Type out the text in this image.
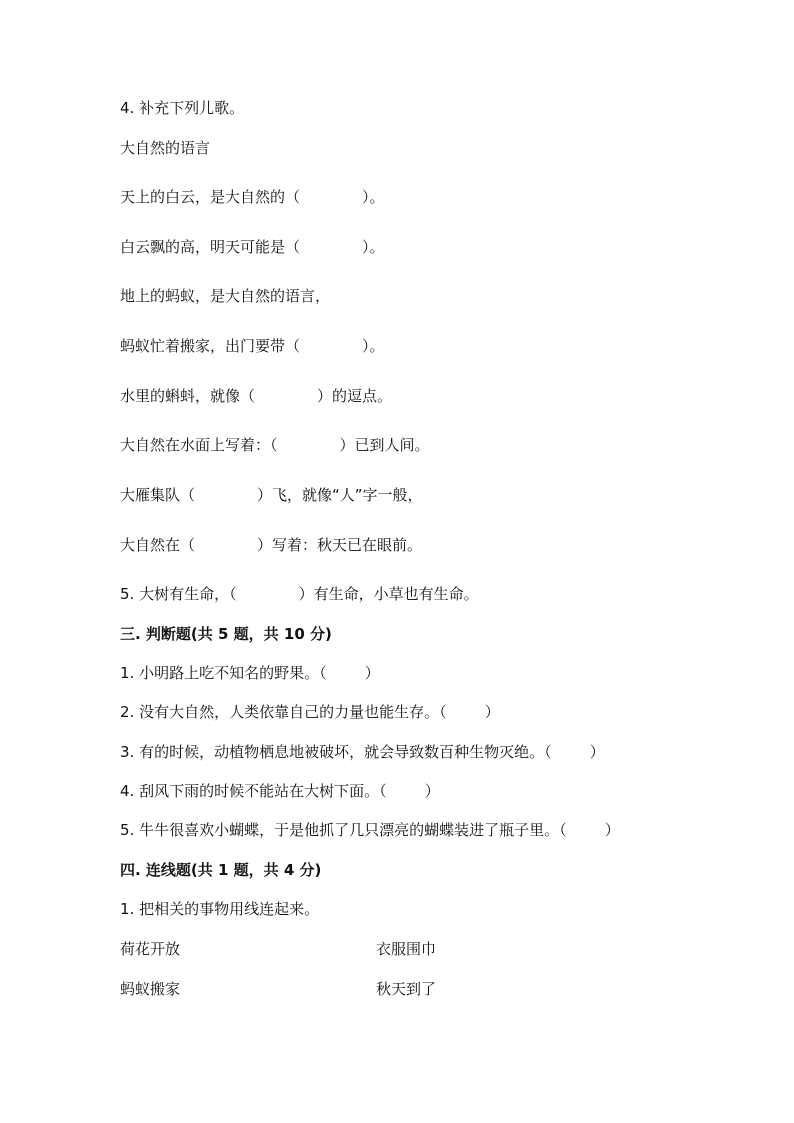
4. 补充下列儿歌。
大自然的语言
天上的白云，是大自然的（	）。
白云飘的高，明天可能是（	）。
地上的蚂蚁，是大自然的语言，
蚂蚁忙着搬家，出门要带（	）。
水里的蝌蚪，就像（	）的逗点。
大自然在水面上写着：（	）已到人间。
大雁集队（	）飞，就像“人”字一般，
大自然在（	）写着：秋天已在眼前。
5. 大树有生命，（	）有生命，小草也有生命。
三. 判断题(共 5 题，共 10 分)
1. 小明路上吃不知名的野果。（        ）
2. 没有大自然，人类依靠自己的力量也能生存。（        ）
3. 有的时候，动植物栖息地被破坏，就会导致数百种生物灭绝。（        ）
4. 刮风下雨的时候不能站在大树下面。（        ）
5. 牛牛很喜欢小蝴蝶，于是他抓了几只漂亮的蝴蝶装进了瓶子里。（        ）
四. 连线题(共 1 题，共 4 分)
1. 把相关的事物用线连起来。
荷花开放	衣服围巾
蚂蚁搬家	秋天到了
